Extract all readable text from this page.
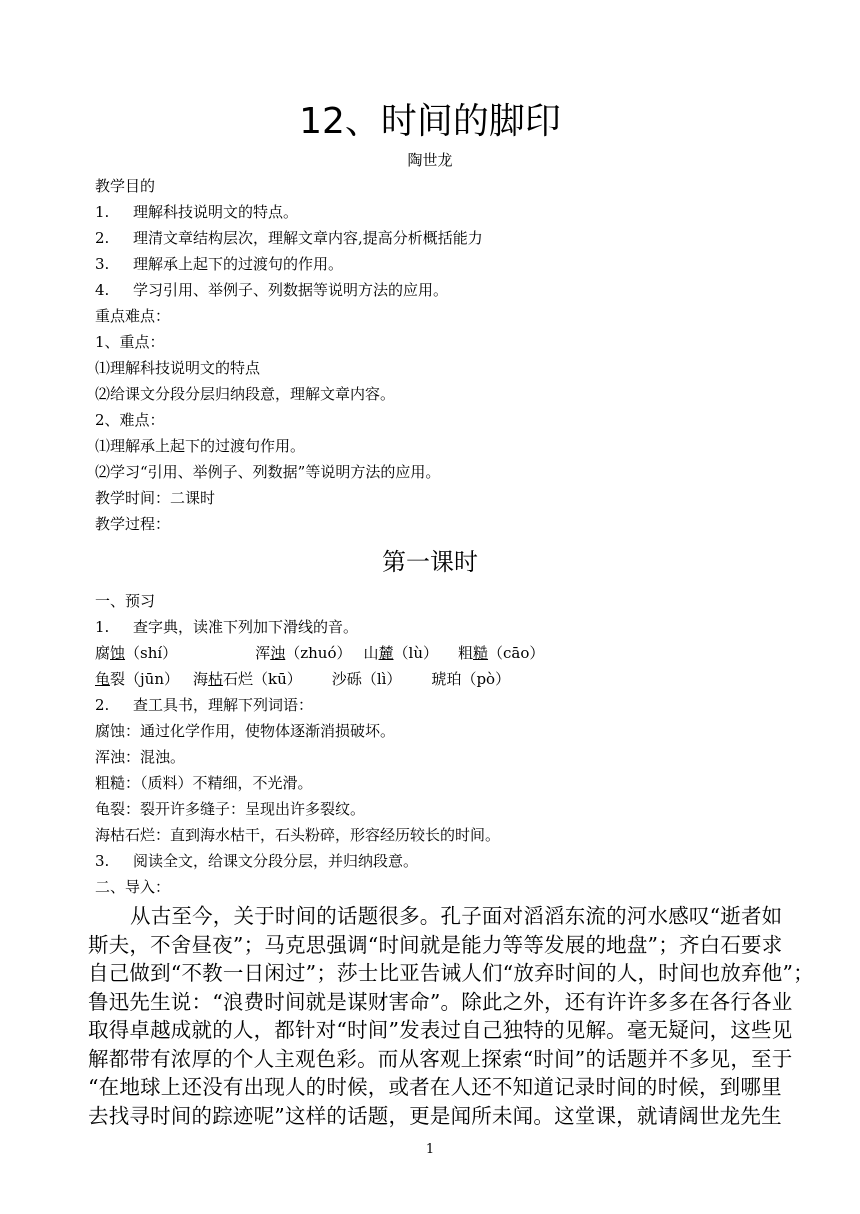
12、时间的脚印
陶世龙
教学目的
1. 理解科技说明文的特点。
2. 理清文章结构层次，理解文章内容,提高分析概括能力
3. 理解承上起下的过渡句的作用。
4. 学习引用、举例子、列数据等说明方法的应用。
重点难点：
1、重点：
⑴理解科技说明文的特点
⑵给课文分段分层归纳段意，理解文章内容。
2、难点：
⑴理解承上起下的过渡句作用。
⑵学习“引用、举例子、列数据”等说明方法的应用。
教学时间：二课时
教学过程：
第一课时
一、预习
1. 查字典，读准下列加下滑线的音。
腐蚀（shí）	浑浊（zhuó） 山麓（lù） 粗糙（cāo）
龟裂（jūn） 海枯石烂（kū） 沙砾（lì） 琥珀（pò）
2. 查工具书，理解下列词语：
腐蚀：通过化学作用，使物体逐渐消损破坏。
浑浊：混浊。
粗糙：（质料）不精细，不光滑。
龟裂：裂开许多缝子：呈现出许多裂纹。
海枯石烂：直到海水枯干，石头粉碎，形容经历较长的时间。
3. 阅读全文，给课文分段分层，并归纳段意。
二、导入：
从古至今，关于时间的话题很多。孔子面对滔滔东流的河水感叹“逝者如
斯夫，不舍昼夜”；马克思强调“时间就是能力等等发展的地盘”；齐白石要求
自己做到“不教一日闲过”；莎士比亚告诫人们“放弃时间的人，时间也放弃他”；
鲁迅先生说：“浪费时间就是谋财害命”。除此之外，还有许许多多在各行各业
取得卓越成就的人，都针对“时间”发表过自己独特的见解。毫无疑问，这些见
解都带有浓厚的个人主观色彩。而从客观上探索“时间”的话题并不多见，至于
“在地球上还没有出现人的时候，或者在人还不知道记录时间的时候，到哪里
去找寻时间的踪迹呢”这样的话题，更是闻所未闻。这堂课，就请阔世龙先生
1
